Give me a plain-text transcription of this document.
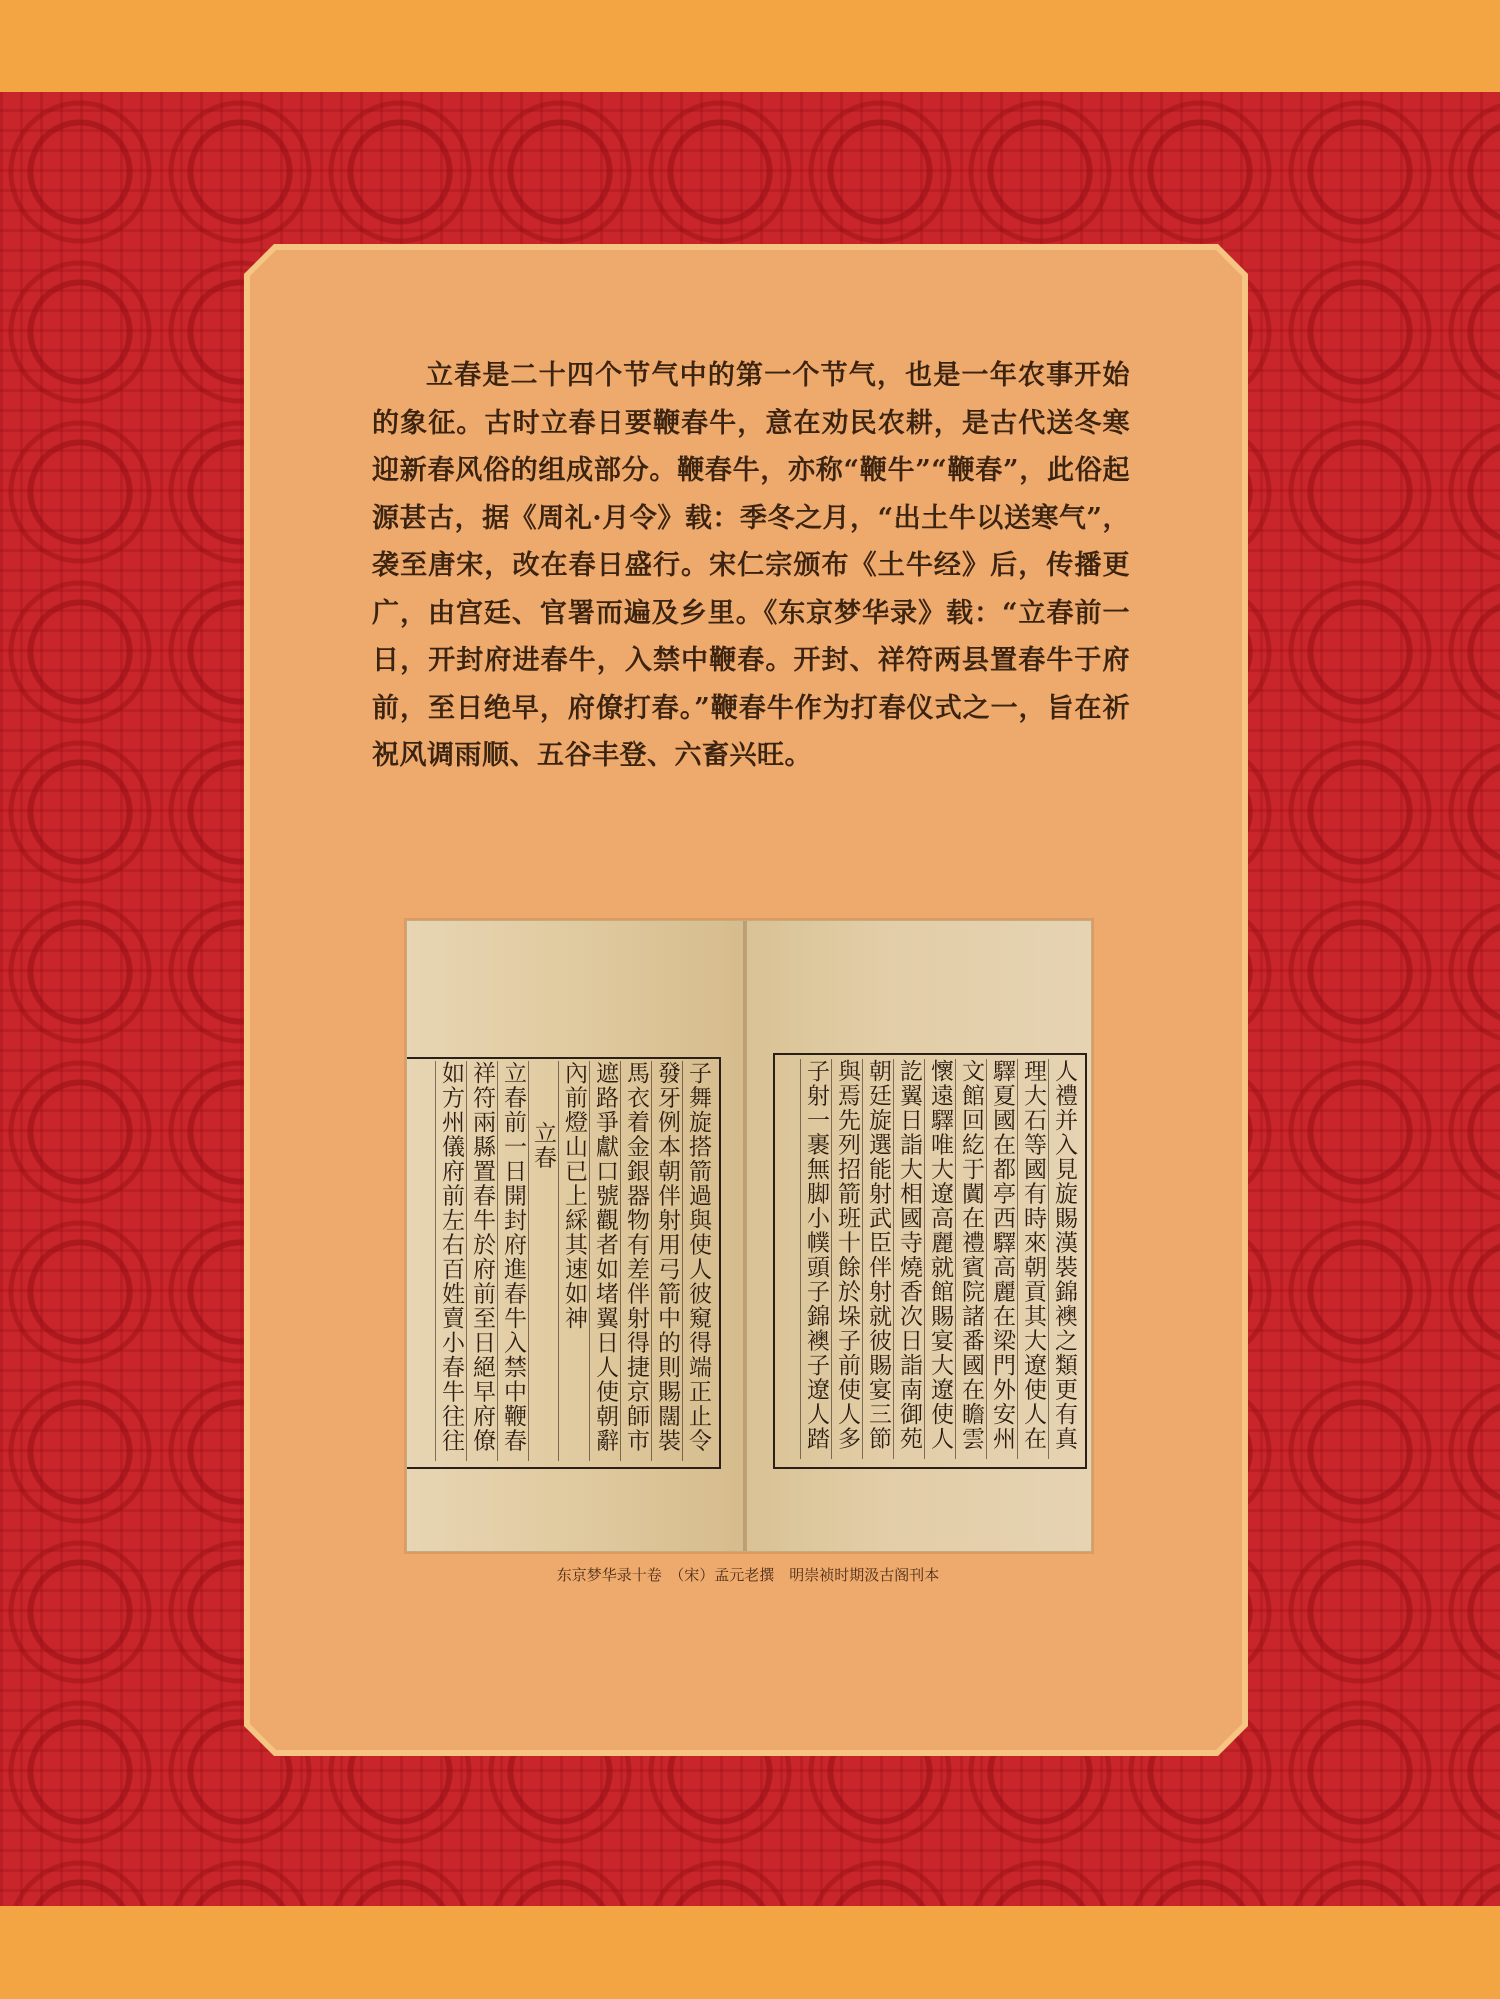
立春是二十四个节气中的第一个节气，也是一年农事开始的象征。古时立春日要鞭春牛，意在劝民农耕，是古代送冬寒迎新春风俗的组成部分。鞭春牛，亦称“鞭牛”“鞭春”，此俗起源甚古，据《周礼·月令》载：季冬之月，“出土牛以送寒气”，袭至唐宋，改在春日盛行。宋仁宗颁布《土牛经》后，传播更广，由宫廷、官署而遍及乡里。《东京梦华录》载：“立春前一日，开封府进春牛，入禁中鞭春。开封、祥符两县置春牛于府前，至日绝早，府僚打春。”鞭春牛作为打春仪式之一，旨在祈祝风调雨顺、五谷丰登、六畜兴旺。

子舞旋搭箭過與使人彼窺得端正止令
發牙例本朝伴射用弓箭中的則賜闊裝
馬衣着金銀器物有差伴射得捷京師市
遮路爭獻口號觀者如堵翼日人使朝辭
內前燈山已上綵其速如神
立春
立春前一日開封府進春牛入禁中鞭春
祥符兩縣置春牛於府前至日絕早府僚
如方州儀府前左右百姓賣小春牛往往
人禮并入見旋賜漢裝錦襖之類更有真
理大石等國有時來朝貢其大遼使人在
驛夏國在都亭西驛高麗在梁門外安州
文館回紇于闐在禮賓院諸番國在瞻雲
懷遠驛唯大遼高麗就館賜宴大遼使人
訖翼日詣大相國寺燒香次日詣南御苑
朝廷旋選能射武臣伴射就彼賜宴三節
與焉先列招箭班十餘於垛子前使人多
子射一裹無脚小幞頭子錦襖子遼人踏
东京梦华录十卷　（宋）孟元老撰　明崇祯时期汲古阁刊本
